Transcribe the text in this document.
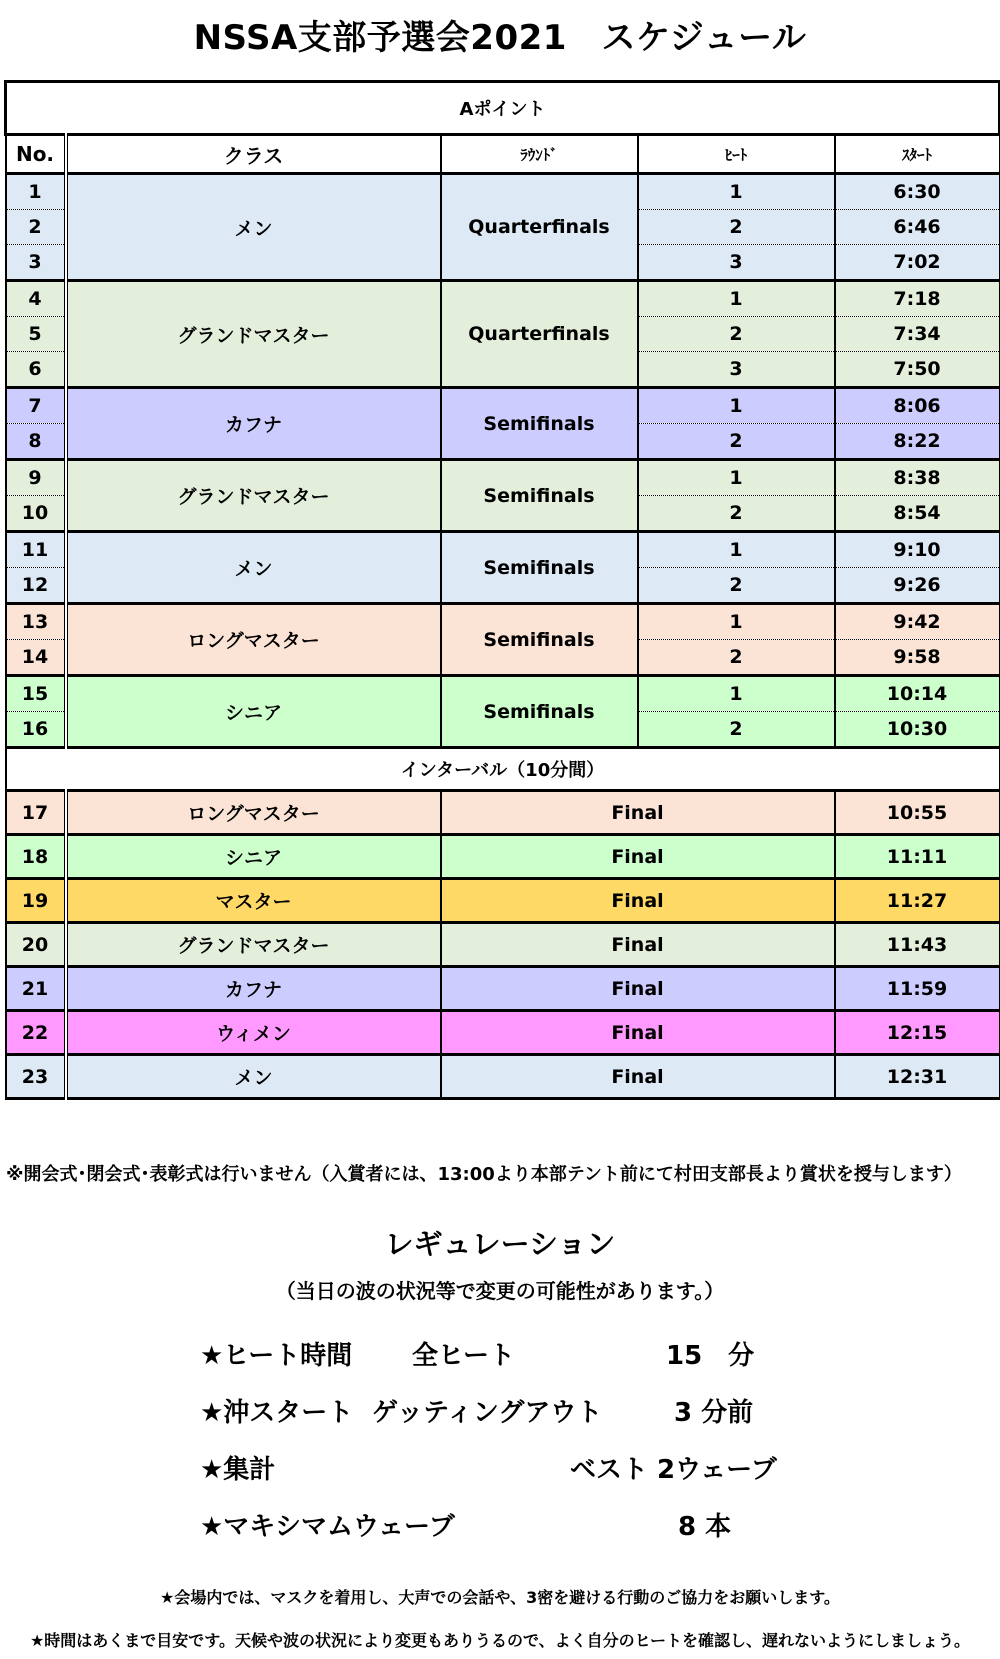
NSSA支部予選会2021　スケジュール
Aポイント				
No.	クラス	ﾗｳﾝﾄﾞ	ﾋｰﾄ	ｽﾀｰﾄ
1	メン	Quarterfinals	1	6:30
2			2	6:46
3			3	7:02
4	グランドマスター	Quarterfinals	1	7:18
5			2	7:34
6			3	7:50
7	カフナ	Semifinals	1	8:06
8			2	8:22
9	グランドマスター	Semifinals	1	8:38
10			2	8:54
11	メン	Semifinals	1	9:10
12			2	9:26
13	ロングマスター	Semifinals	1	9:42
14			2	9:58
15	シニア	Semifinals	1	10:14
16			2	10:30
インターバル（10分間）				
17	ロングマスター	Final		10:55
18	シニア	Final		11:11
19	マスター	Final		11:27
20	グランドマスター	Final		11:43
21	カフナ	Final		11:59
22	ウィメン	Final		12:15
23	メン	Final		12:31
※開会式･閉会式･表彰式は行いません（入賞者には、13:00より本部テント前にて村田支部長より賞状を授与します）
レギュレーション
（当日の波の状況等で変更の可能性があります。）
★ヒート時間 全ヒート	15　分
★沖スタート ゲッティングアウト	3 分前
★集計	ベスト 2ウェーブ
★マキシマムウェーブ	8 本
★会場内では、マスクを着用し、大声での会話や、3密を避ける行動のご協力をお願いします。
★時間はあくまで目安です。天候や波の状況により変更もありうるので、よく自分のヒートを確認し、遅れないようにしましょう。
